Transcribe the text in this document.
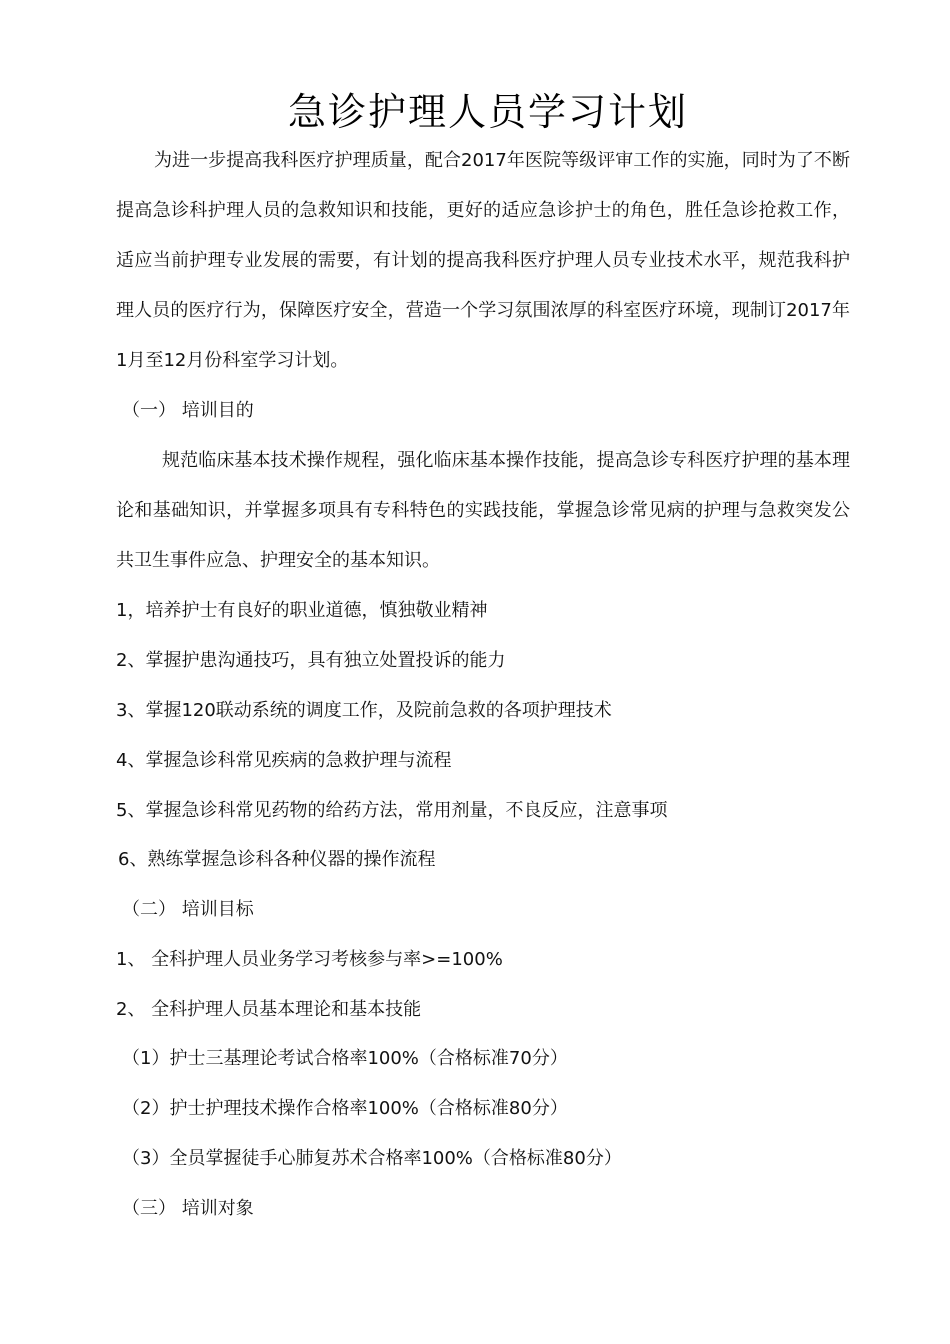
急诊护理人员学习计划

为进一步提高我科医疗护理质量，配合2017年医院等级评审工作的实施，同时为了不断提高急诊科护理人员的急救知识和技能，更好的适应急诊护士的角色，胜任急诊抢救工作，适应当前护理专业发展的需要，有计划的提高我科医疗护理人员专业技术水平，规范我科护理人员的医疗行为，保障医疗安全，营造一个学习氛围浓厚的科室医疗环境，现制订2017年1月至12月份科室学习计划。

（一） 培训目的

规范临床基本技术操作规程，强化临床基本操作技能，提高急诊专科医疗护理的基本理论和基础知识，并掌握多项具有专科特色的实践技能，掌握急诊常见病的护理与急救突发公共卫生事件应急、护理安全的基本知识。

1，培养护士有良好的职业道德，慎独敬业精神

2、掌握护患沟通技巧，具有独立处置投诉的能力

3、掌握120联动系统的调度工作，及院前急救的各项护理技术

4、掌握急诊科常见疾病的急救护理与流程

5、掌握急诊科常见药物的给药方法，常用剂量，不良反应，注意事项

6、熟练掌握急诊科各种仪器的操作流程

（二） 培训目标

1、 全科护理人员业务学习考核参与率>=100%

2、 全科护理人员基本理论和基本技能

（1）护士三基理论考试合格率100%（合格标准70分）

（2）护士护理技术操作合格率100%（合格标准80分）

（3）全员掌握徒手心肺复苏术合格率100%（合格标准80分）

（三） 培训对象
